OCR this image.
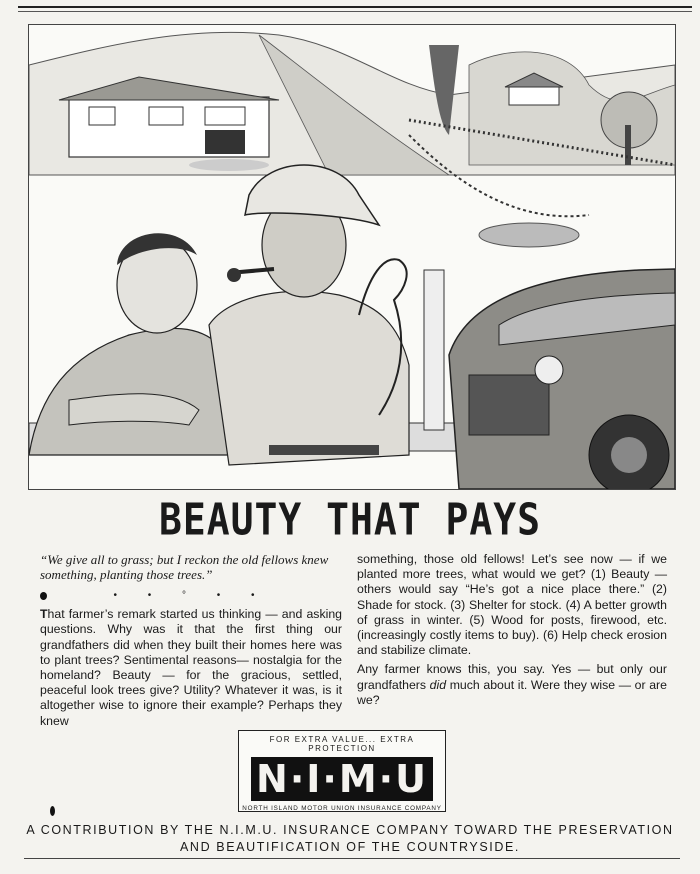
BEAUTY THAT PAYS

“We give all to grass; but I reckon the old fellows knew something, planting those trees.”

• • ° • •

That farmer’s remark started us thinking — and asking questions. Why was it that the first thing our grandfathers did when they built their homes here was to plant trees? Sentimental reasons— nostalgia for the homeland? Beauty — for the gracious, settled, peaceful look trees give? Utility? Whatever it was, is it altogether wise to ignore their example? Perhaps they knew

something, those old fellows! Let’s see now — if we planted more trees, what would we get? (1) Beauty — others would say “He’s got a nice place there.” (2) Shade for stock. (3) Shelter for stock. (4) A better growth of grass in winter. (5) Wood for posts, firewood, etc. (increasingly costly items to buy). (6) Help check erosion and stabilize climate.

Any farmer knows this, you say. Yes — but only our grandfathers did much about it. Were they wise — or are we?

FOR EXTRA VALUE... EXTRA PROTECTION
N·I·M·U
NORTH ISLAND MOTOR UNION INSURANCE COMPANY
A CONTRIBUTION BY THE N.I.M.U. INSURANCE COMPANY TOWARD THE PRESERVATION
AND BEAUTIFICATION OF THE COUNTRYSIDE.
